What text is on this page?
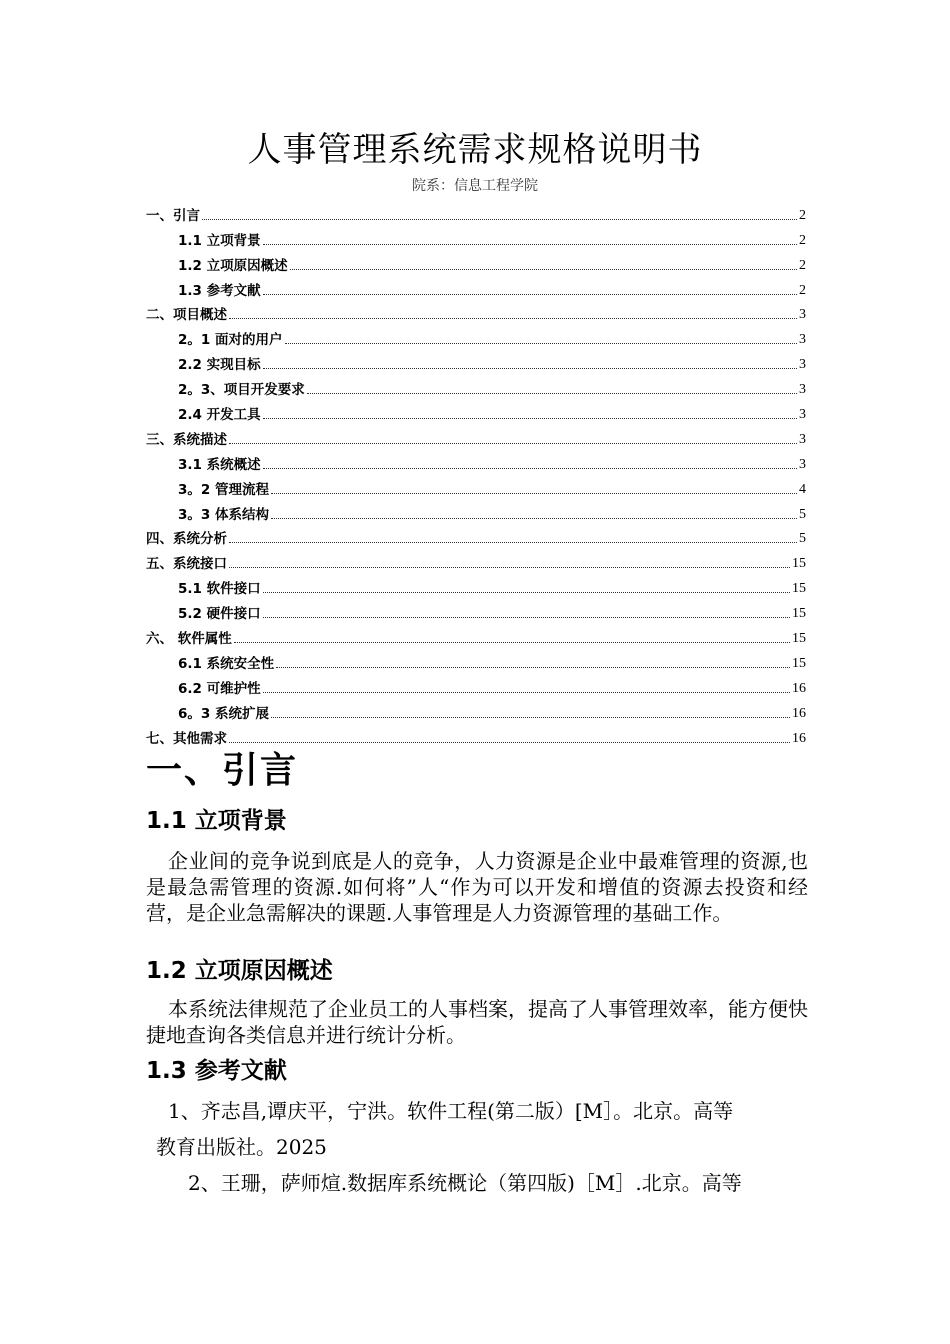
人事管理系统需求规格说明书
院系：信息工程学院
一、引言	2
1.1 立项背景	2
1.2 立项原因概述	2
1.3 参考文献	2
二、项目概述	3
2。1 面对的用户	3
2.2 实现目标	3
2。3、项目开发要求	3
2.4 开发工具	3
三、系统描述	3
3.1 系统概述	3
3。2 管理流程	4
3。3 体系结构	5
四、系统分析	5
五、系统接口	15
5.1 软件接口	15
5.2 硬件接口	15
六、 软件属性	15
6.1 系统安全性	15
6.2 可维护性	16
6。3 系统扩展	16
七、其他需求	16
一、引言
1.1 立项背景
企业间的竞争说到底是人的竞争，人力资源是企业中最难管理的资源,也是最急需管理的资源.如何将”人“作为可以开发和增值的资源去投资和经营，是企业急需解决的课题.人事管理是人力资源管理的基础工作。
1.2 立项原因概述
本系统法律规范了企业员工的人事档案，提高了人事管理效率，能方便快捷地查询各类信息并进行统计分析。
1.3 参考文献
1、齐志昌,谭庆平，宁洪。软件工程(第二版）[M］。北京。高等
教育出版社。2025
2、王珊，萨师煊.数据库系统概论（第四版)［M］.北京。高等
